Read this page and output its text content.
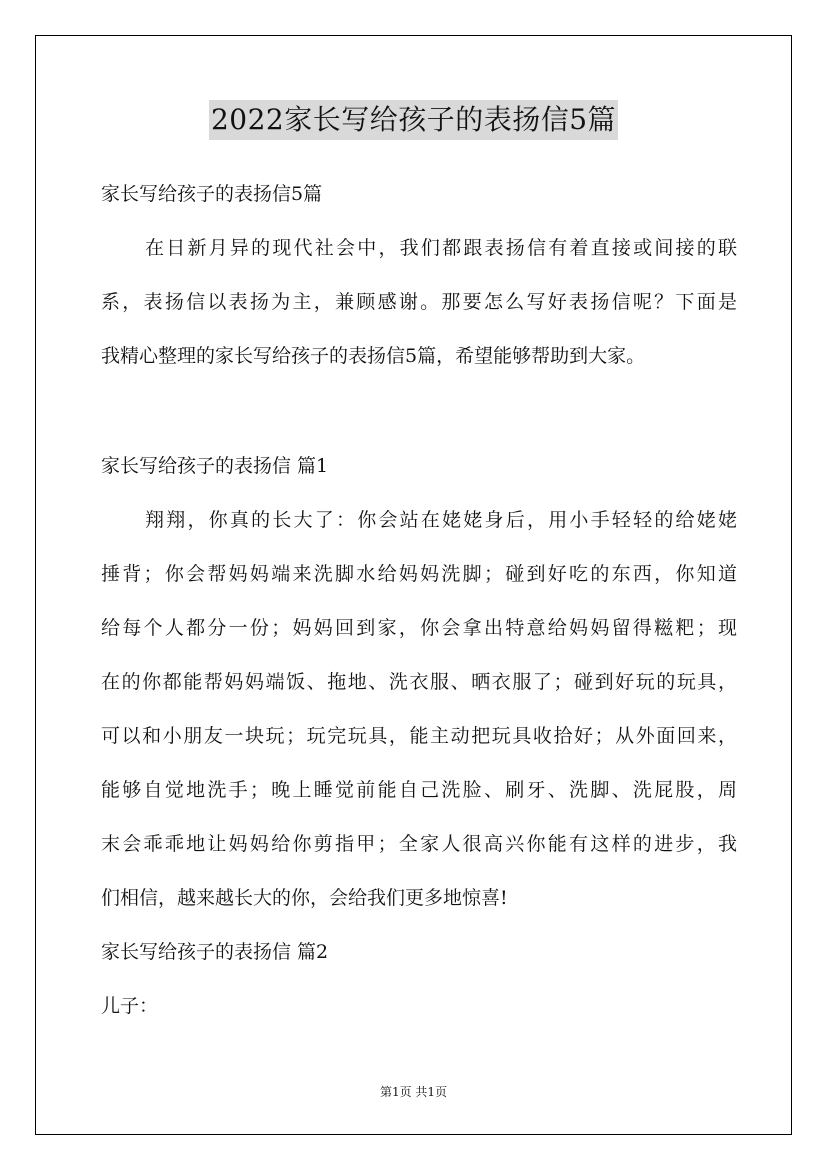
2022家长写给孩子的表扬信5篇
家长写给孩子的表扬信5篇
在日新月异的现代社会中，我们都跟表扬信有着直接或间接的联
系，表扬信以表扬为主，兼顾感谢。那要怎么写好表扬信呢？下面是
我精心整理的家长写给孩子的表扬信5篇，希望能够帮助到大家。
家长写给孩子的表扬信 篇1
翔翔，你真的长大了：你会站在姥姥身后，用小手轻轻的给姥姥
捶背；你会帮妈妈端来洗脚水给妈妈洗脚；碰到好吃的东西，你知道
给每个人都分一份；妈妈回到家，你会拿出特意给妈妈留得糍粑；现
在的你都能帮妈妈端饭、拖地、洗衣服、晒衣服了；碰到好玩的玩具，
可以和小朋友一块玩；玩完玩具，能主动把玩具收拾好；从外面回来，
能够自觉地洗手；晚上睡觉前能自己洗脸、刷牙、洗脚、洗屁股，周
末会乖乖地让妈妈给你剪指甲；全家人很高兴你能有这样的进步，我
们相信，越来越长大的你，会给我们更多地惊喜!
家长写给孩子的表扬信 篇2
儿子：
第1页 共1页
